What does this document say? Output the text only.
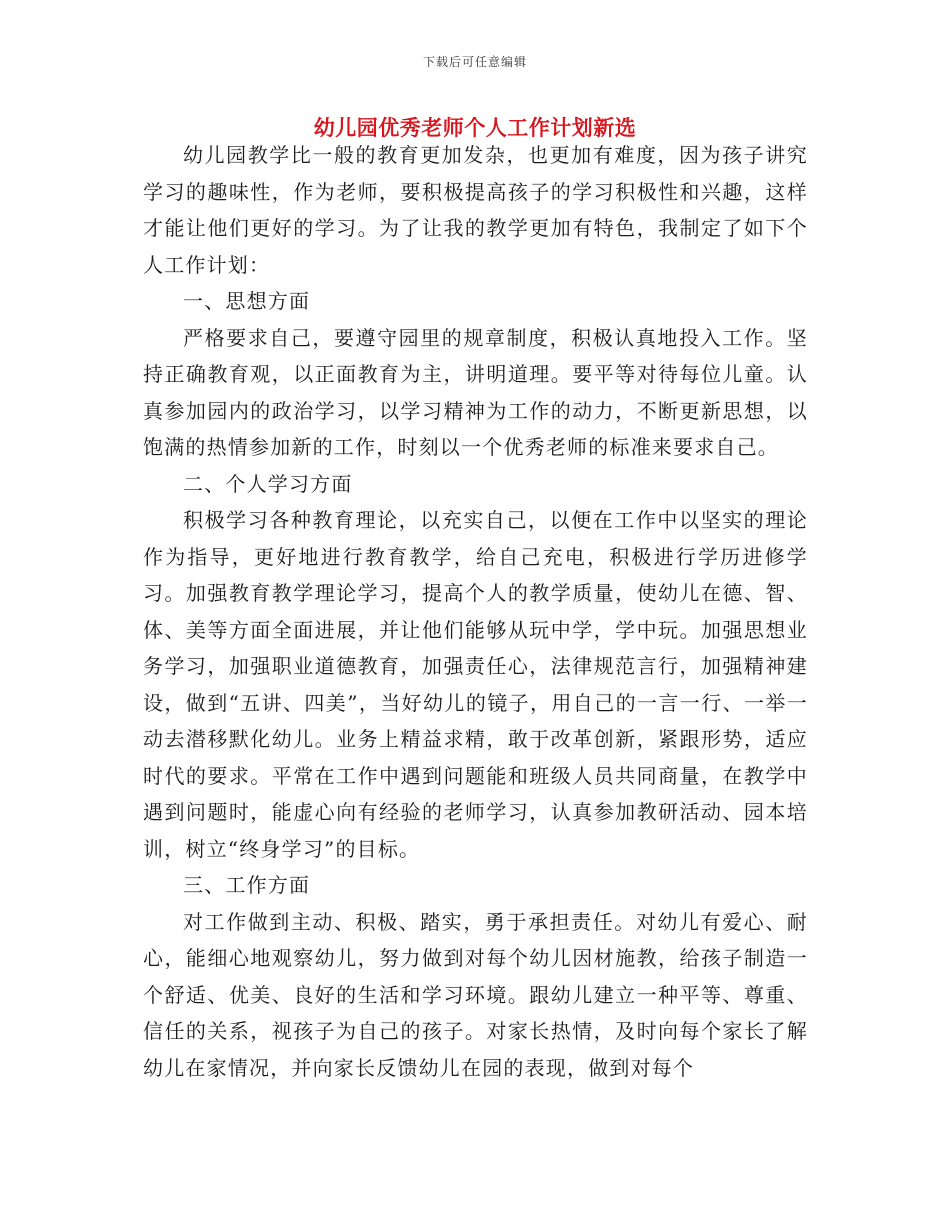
下载后可任意编辑
幼儿园优秀老师个人工作计划新选

幼儿园教学比一般的教育更加发杂，也更加有难度，因为孩子讲究学习的趣味性，作为老师，要积极提高孩子的学习积极性和兴趣，这样才能让他们更好的学习。为了让我的教学更加有特色，我制定了如下个人工作计划：

一、思想方面

严格要求自己，要遵守园里的规章制度，积极认真地投入工作。坚持正确教育观，以正面教育为主，讲明道理。要平等对待每位儿童。认真参加园内的政治学习，以学习精神为工作的动力，不断更新思想，以饱满的热情参加新的工作，时刻以一个优秀老师的标准来要求自己。

二、个人学习方面

积极学习各种教育理论，以充实自己，以便在工作中以坚实的理论作为指导，更好地进行教育教学，给自己充电，积极进行学历进修学习。加强教育教学理论学习，提高个人的教学质量，使幼儿在德、智、体、美等方面全面进展，并让他们能够从玩中学，学中玩。加强思想业务学习，加强职业道德教育，加强责任心，法律规范言行，加强精神建设，做到“五讲、四美”，当好幼儿的镜子，用自己的一言一行、一举一动去潜移默化幼儿。业务上精益求精，敢于改革创新，紧跟形势，适应时代的要求。平常在工作中遇到问题能和班级人员共同商量，在教学中遇到问题时，能虚心向有经验的老师学习，认真参加教研活动、园本培训，树立“终身学习”的目标。

三、工作方面

对工作做到主动、积极、踏实，勇于承担责任。对幼儿有爱心、耐心，能细心地观察幼儿，努力做到对每个幼儿因材施教，给孩子制造一个舒适、优美、良好的生活和学习环境。跟幼儿建立一种平等、尊重、信任的关系，视孩子为自己的孩子。对家长热情，及时向每个家长了解幼儿在家情况，并向家长反馈幼儿在园的表现，做到对每个
